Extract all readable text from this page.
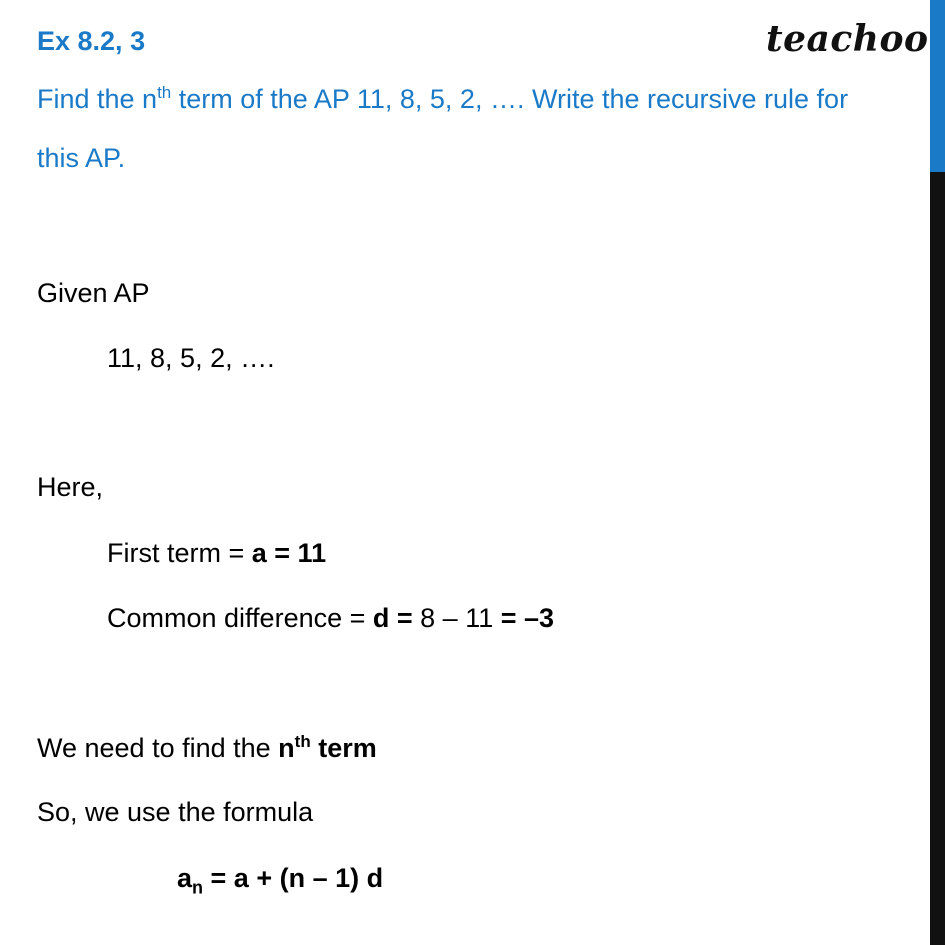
Ex 8.2, 3	teachoo
Find the $n^{th}$ term of the AP 11, 8, 5, 2, …. Write the recursive rule for
this AP.
Given AP
11, 8, 5, 2, ….
Here,
First term = a = 11
Common difference = d = 8 – 11 = –3
We need to find the $n^{th}$ term
So, we use the formula
$a_n = a + (n - 1)$ d
